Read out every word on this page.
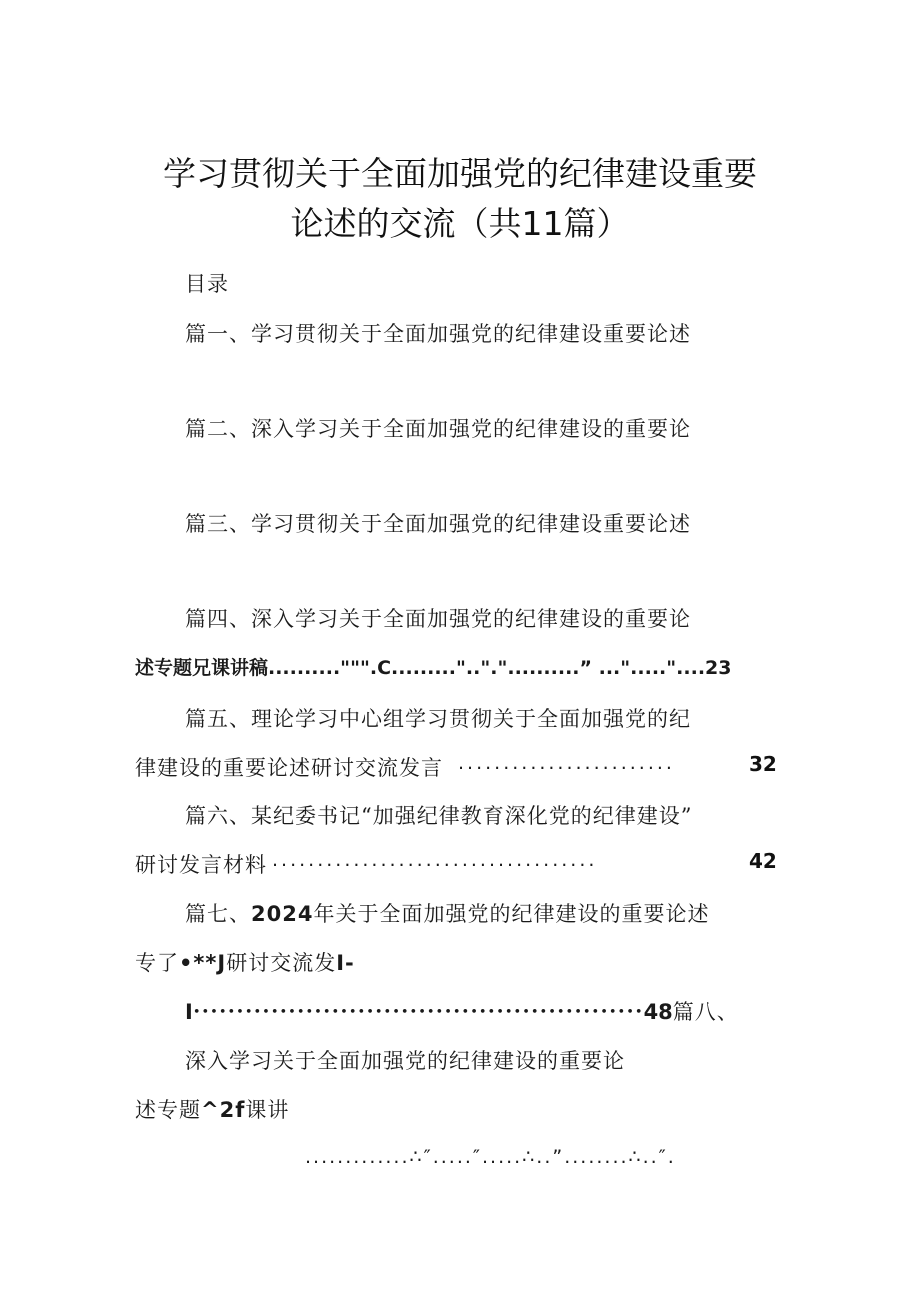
学习贯彻关于全面加强党的纪律建设重要
论述的交流（共11篇）
目录
篇一、学习贯彻关于全面加强党的纪律建设重要论述
篇二、深入学习关于全面加强党的纪律建设的重要论
篇三、学习贯彻关于全面加强党的纪律建设重要论述
篇四、深入学习关于全面加强党的纪律建设的重要论
述专题兄课讲稿..........""".C.........".."."..........” ..."....."....23
篇五、理论学习中心组学习贯彻关于全面加强党的纪
律建设的重要论述研讨交流发言 ........................	32
篇六、某纪委书记“加强纪律教育深化党的纪律建设”
研讨发言材料 ....................................	42
篇七、2024年关于全面加强党的纪律建设的重要论述
专了•**J研讨交流发I-
I••••••••••••••••••••••••••••••••••••••••••••••••••••48篇八、
深入学习关于全面加强党的纪律建设的重要论
述专题^2f课讲
.............∴″.....″.....∴..”........∴..″.
